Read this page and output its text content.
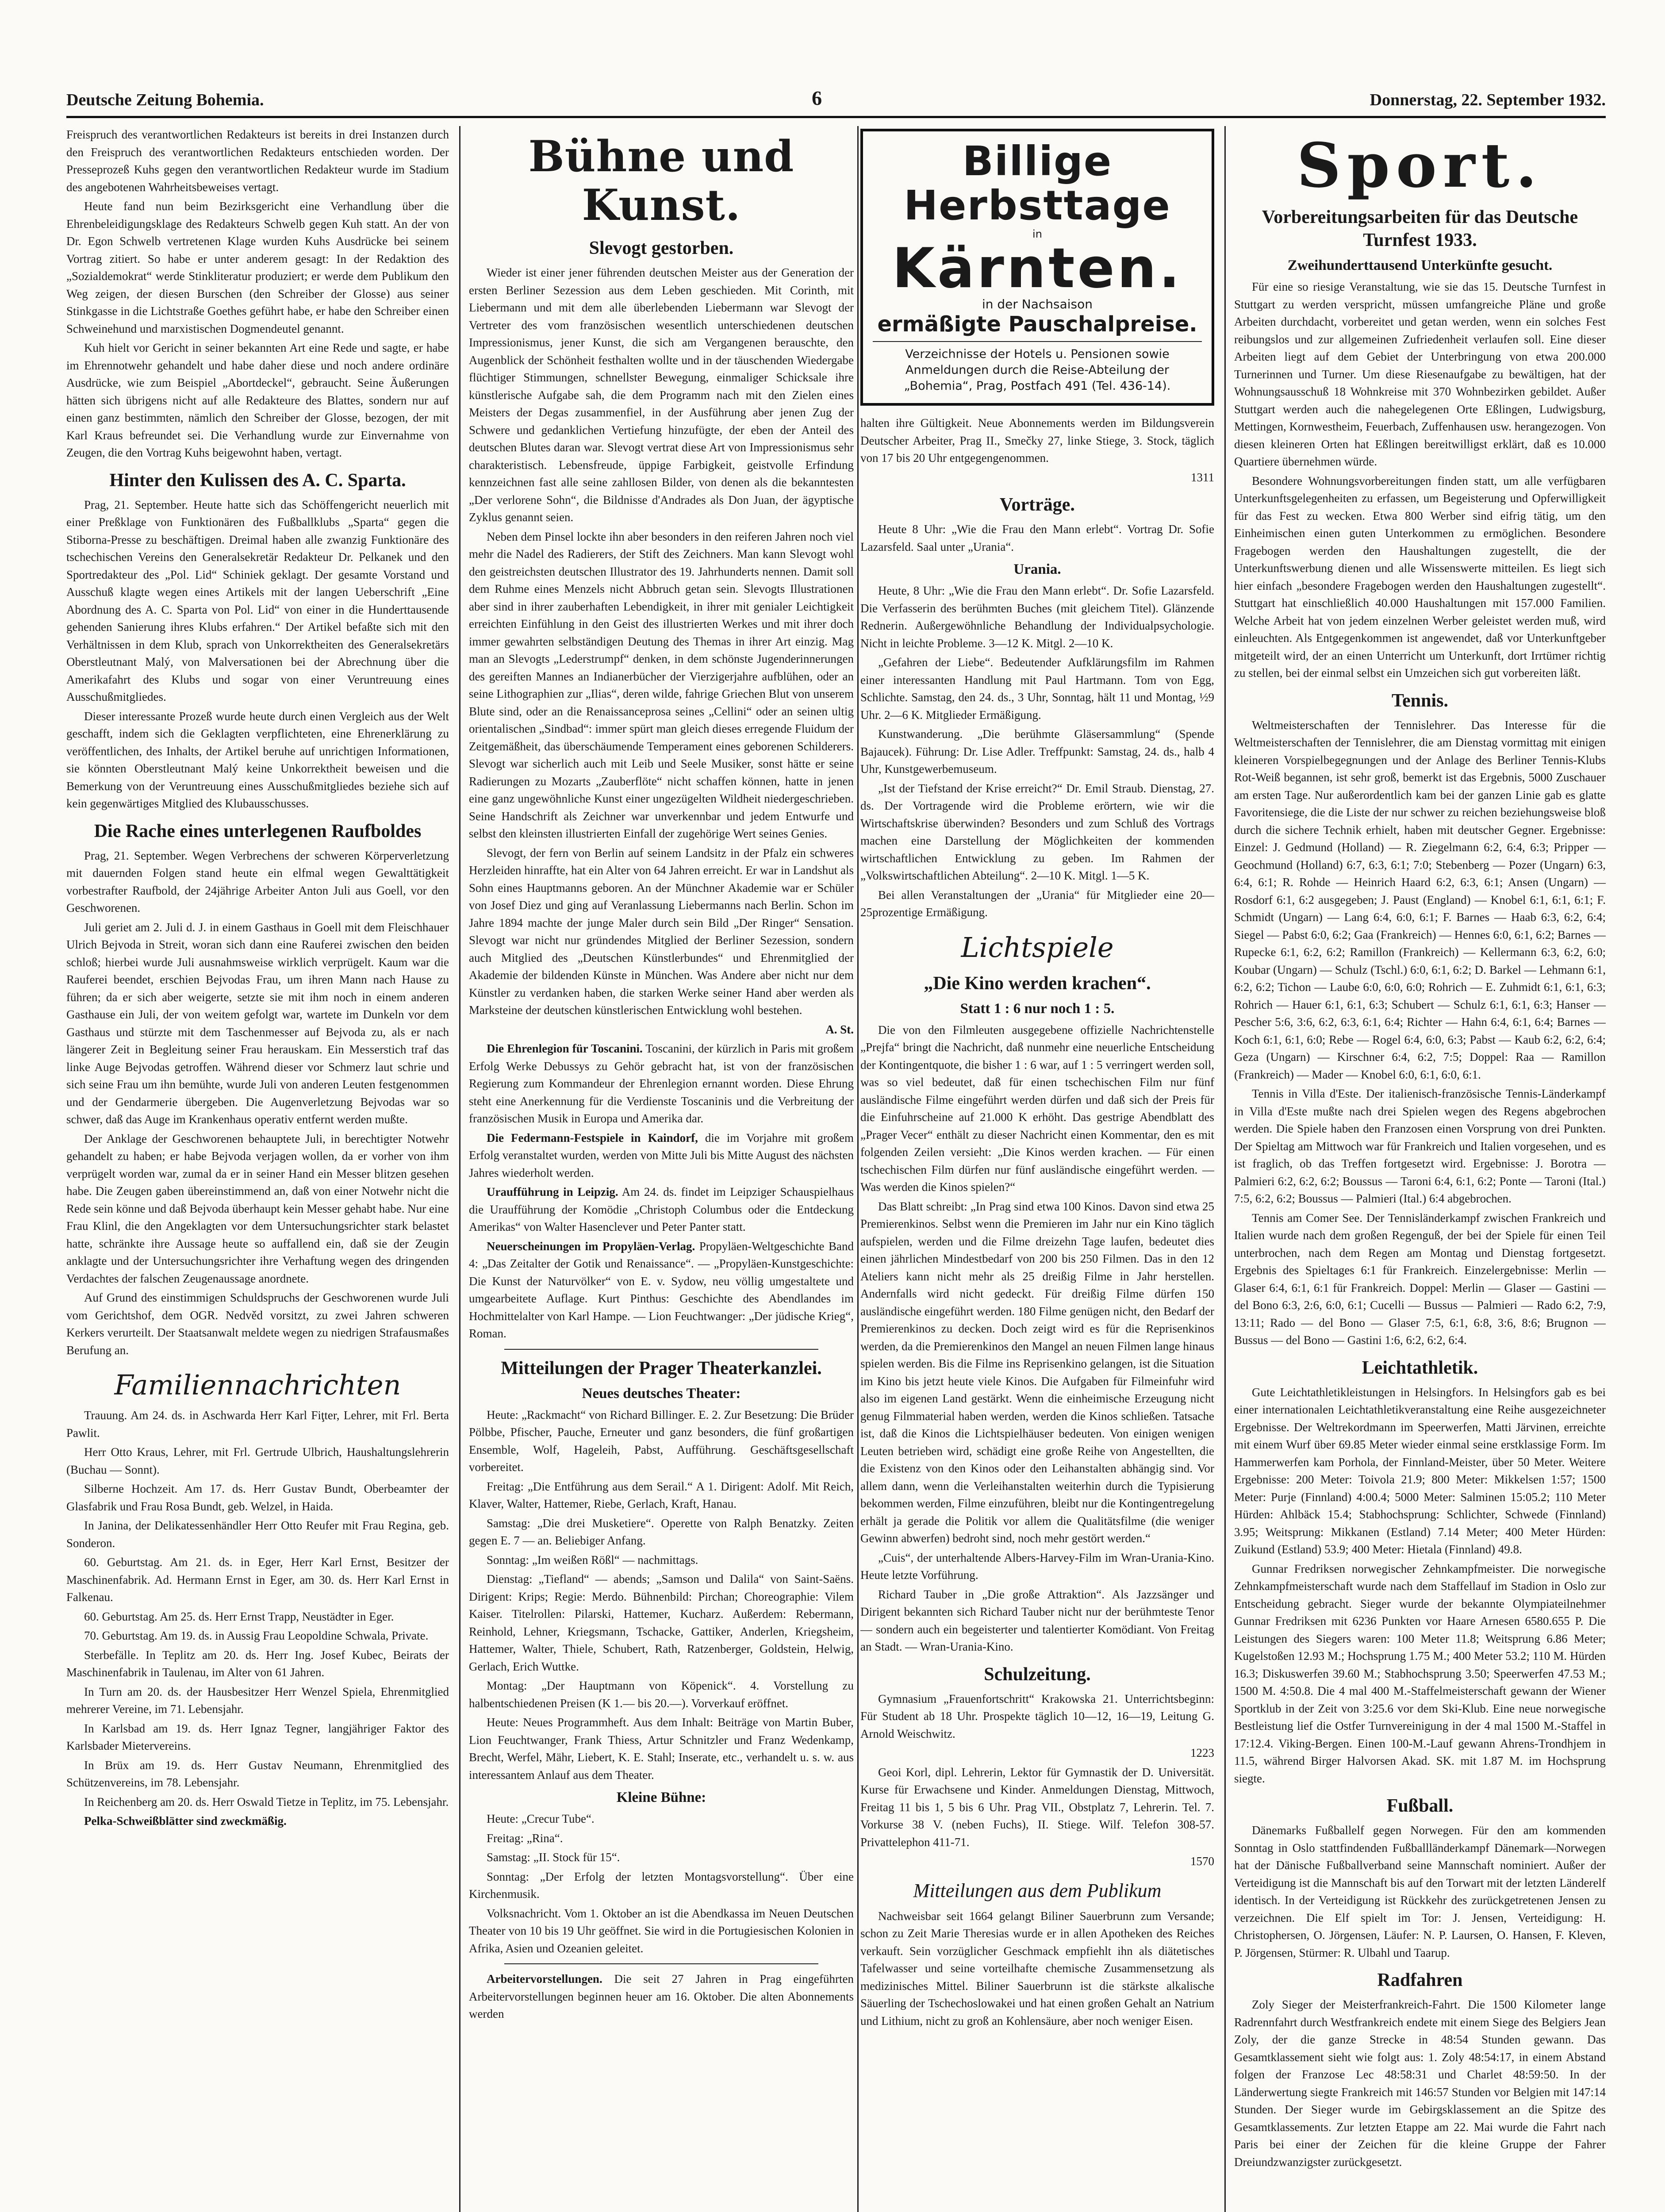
Deutsche Zeitung Bohemia.	6	Donnerstag, 22. September 1932.

Freispruch des verantwortlichen Redakteurs ist bereits in drei Instanzen durch den Freispruch des verantwortlichen Redakteurs entschieden worden. Der Presseprozeß Kuhs gegen den verantwortlichen Redakteur wurde im Stadium des angebotenen Wahrheitsbeweises vertagt.

Heute fand nun beim Bezirksgericht eine Verhandlung über die Ehrenbeleidigungsklage des Redakteurs Schwelb gegen Kuh statt. An der von Dr. Egon Schwelb vertretenen Klage wurden Kuhs Ausdrücke bei seinem Vortrag zitiert. So habe er unter anderem gesagt: In der Redaktion des „Sozialdemokrat“ werde Stinkliteratur produziert; er werde dem Publikum den Weg zeigen, der diesen Burschen (den Schreiber der Glosse) aus seiner Stinkgasse in die Lichtstraße Goethes geführt habe, er habe den Schreiber einen Schweinehund und marxistischen Dogmendeutel genannt.

Kuh hielt vor Gericht in seiner bekannten Art eine Rede und sagte, er habe im Ehrennotwehr gehandelt und habe daher diese und noch andere ordinäre Ausdrücke, wie zum Beispiel „Abortdeckel“, gebraucht. Seine Äußerungen hätten sich übrigens nicht auf alle Redakteure des Blattes, sondern nur auf einen ganz bestimmten, nämlich den Schreiber der Glosse, bezogen, der mit Karl Kraus befreundet sei. Die Verhandlung wurde zur Einvernahme von Zeugen, die den Vortrag Kuhs beigewohnt haben, vertagt.

Hinter den Kulissen des A. C. Sparta.

Prag, 21. September. Heute hatte sich das Schöffengericht neuerlich mit einer Preßklage von Funktionären des Fußballklubs „Sparta“ gegen die Stiborna-Presse zu beschäftigen. Dreimal haben alle zwanzig Funktionäre des tschechischen Vereins den Generalsekretär Redakteur Dr. Pelkanek und den Sportredakteur des „Pol. Lid“ Schiniek geklagt. Der gesamte Vorstand und Ausschuß klagte wegen eines Artikels mit der langen Ueberschrift „Eine Abordnung des A. C. Sparta von Pol. Lid“ von einer in die Hunderttausende gehenden Sanierung ihres Klubs erfahren.“ Der Artikel befaßte sich mit den Verhältnissen in dem Klub, sprach von Unkorrektheiten des Generalsekretärs Oberstleutnant Malý, von Malversationen bei der Abrechnung über die Amerikafahrt des Klubs und sogar von einer Veruntreuung eines Ausschußmitgliedes.

Dieser interessante Prozeß wurde heute durch einen Vergleich aus der Welt geschafft, indem sich die Geklagten verpflichteten, eine Ehrenerklärung zu veröffentlichen, des Inhalts, der Artikel beruhe auf unrichtigen Informationen, sie könnten Oberstleutnant Malý keine Unkorrektheit beweisen und die Bemerkung von der Veruntreuung eines Ausschußmitgliedes beziehe sich auf kein gegenwärtiges Mitglied des Klubausschusses.

Die Rache eines unterlegenen Raufboldes

Prag, 21. September. Wegen Verbrechens der schweren Körperverletzung mit dauernden Folgen stand heute ein elfmal wegen Gewalttätigkeit vorbestrafter Raufbold, der 24jährige Arbeiter Anton Juli aus Goell, vor den Geschworenen.

Juli geriet am 2. Juli d. J. in einem Gasthaus in Goell mit dem Fleischhauer Ulrich Bejvoda in Streit, woran sich dann eine Rauferei zwischen den beiden schloß; hierbei wurde Juli ausnahmsweise wirklich verprügelt. Kaum war die Rauferei beendet, erschien Bejvodas Frau, um ihren Mann nach Hause zu führen; da er sich aber weigerte, setzte sie mit ihm noch in einem anderen Gasthause ein Juli, der von weitem gefolgt war, wartete im Dunkeln vor dem Gasthaus und stürzte mit dem Taschenmesser auf Bejvoda zu, als er nach längerer Zeit in Begleitung seiner Frau herauskam. Ein Messerstich traf das linke Auge Bejvodas getroffen. Während dieser vor Schmerz laut schrie und sich seine Frau um ihn bemühte, wurde Juli von anderen Leuten festgenommen und der Gendarmerie übergeben. Die Augenverletzung Bejvodas war so schwer, daß das Auge im Krankenhaus operativ entfernt werden mußte.

Der Anklage der Geschworenen behauptete Juli, in berechtigter Notwehr gehandelt zu haben; er habe Bejvoda verjagen wollen, da er vorher von ihm verprügelt worden war, zumal da er in seiner Hand ein Messer blitzen gesehen habe. Die Zeugen gaben übereinstimmend an, daß von einer Notwehr nicht die Rede sein könne und daß Bejvoda überhaupt kein Messer gehabt habe. Nur eine Frau Klinl, die den Angeklagten vor dem Untersuchungsrichter stark belastet hatte, schränkte ihre Aussage heute so auffallend ein, daß sie der Zeugin anklagte und der Untersuchungsrichter ihre Verhaftung wegen des dringenden Verdachtes der falschen Zeugenaussage anordnete.

Auf Grund des einstimmigen Schuldspruchs der Geschworenen wurde Juli vom Gerichtshof, dem OGR. Nedvěd vorsitzt, zu zwei Jahren schweren Kerkers verurteilt. Der Staatsanwalt meldete wegen zu niedrigen Strafausmaßes Berufung an.

Familiennachrichten

Trauung. Am 24. ds. in Aschwarda Herr Karl Fiţter, Lehrer, mit Frl. Berta Pawlit.

Herr Otto Kraus, Lehrer, mit Frl. Gertrude Ulbrich, Haushaltungslehrerin (Buchau — Sonnt).

Silberne Hochzeit. Am 17. ds. Herr Gustav Bundt, Oberbeamter der Glasfabrik und Frau Rosa Bundt, geb. Welzel, in Haida.

In Janina, der Delikatessenhändler Herr Otto Reufer mit Frau Regina, geb. Sonderon.

60. Geburtstag. Am 21. ds. in Eger, Herr Karl Ernst, Besitzer der Maschinenfabrik. Ad. Hermann Ernst in Eger, am 30. ds. Herr Karl Ernst in Falkenau.

60. Geburtstag. Am 25. ds. Herr Ernst Trapp, Neustädter in Eger.

70. Geburtstag. Am 19. ds. in Aussig Frau Leopoldine Schwala, Private.

Sterbefälle. In Teplitz am 20. ds. Herr Ing. Josef Kubec, Beirats der Maschinenfabrik in Taulenau, im Alter von 61 Jahren.

In Turn am 20. ds. der Hausbesitzer Herr Wenzel Spiela, Ehrenmitglied mehrerer Vereine, im 71. Lebensjahr.

In Karlsbad am 19. ds. Herr Ignaz Tegner, langjähriger Faktor des Karlsbader Mietervereins.

In Brüx am 19. ds. Herr Gustav Neumann, Ehrenmitglied des Schützenvereins, im 78. Lebensjahr.

In Reichenberg am 20. ds. Herr Oswald Tietze in Teplitz, im 75. Lebensjahr.

Pelka-Schweißblätter sind zweckmäßig.

Bühne und Kunst.
Slevogt gestorben.

Wieder ist einer jener führenden deutschen Meister aus der Generation der ersten Berliner Sezession aus dem Leben geschieden. Mit Corinth, mit Liebermann und mit dem alle überlebenden Liebermann war Slevogt der Vertreter des vom französischen wesentlich unterschiedenen deutschen Impressionismus, jener Kunst, die sich am Vergangenen berauschte, den Augenblick der Schönheit festhalten wollte und in der täuschenden Wiedergabe flüchtiger Stimmungen, schnellster Bewegung, einmaliger Schicksale ihre künstlerische Aufgabe sah, die dem Programm nach mit den Zielen eines Meisters der Degas zusammenfiel, in der Ausführung aber jenen Zug der Schwere und gedanklichen Vertiefung hinzufügte, der eben der Anteil des deutschen Blutes daran war. Slevogt vertrat diese Art von Impressionismus sehr charakteristisch. Lebensfreude, üppige Farbigkeit, geistvolle Erfindung kennzeichnen fast alle seine zahllosen Bilder, von denen als die bekanntesten „Der verlorene Sohn“, die Bildnisse d'Andrades als Don Juan, der ägyptische Zyklus genannt seien.

Neben dem Pinsel lockte ihn aber besonders in den reiferen Jahren noch viel mehr die Nadel des Radierers, der Stift des Zeichners. Man kann Slevogt wohl den geistreichsten deutschen Illustrator des 19. Jahrhunderts nennen. Damit soll dem Ruhme eines Menzels nicht Abbruch getan sein. Slevogts Illustrationen aber sind in ihrer zauberhaften Lebendigkeit, in ihrer mit genialer Leichtigkeit erreichten Einfühlung in den Geist des illustrierten Werkes und mit ihrer doch immer gewahrten selbständigen Deutung des Themas in ihrer Art einzig. Mag man an Slevogts „Lederstrumpf“ denken, in dem schönste Jugenderinnerungen des gereiften Mannes an Indianerbücher der Vierzigerjahre aufblühen, oder an seine Lithographien zur „Ilias“, deren wilde, fahrige Griechen Blut von unserem Blute sind, oder an die Renaissanceprosa seines „Cellini“ oder an seinen ultig orientalischen „Sindbad“: immer spürt man gleich dieses erregende Fluidum der Zeitgemäßheit, das überschäumende Temperament eines geborenen Schilderers. Slevogt war sicherlich auch mit Leib und Seele Musiker, sonst hätte er seine Radierungen zu Mozarts „Zauberflöte“ nicht schaffen können, hatte in jenen eine ganz ungewöhnliche Kunst einer ungezügelten Wildheit niedergeschrieben. Seine Handschrift als Zeichner war unverkennbar und jedem Entwurfe und selbst den kleinsten illustrierten Einfall der zugehörige Wert seines Genies.

Slevogt, der fern von Berlin auf seinem Landsitz in der Pfalz ein schweres Herzleiden hinraffte, hat ein Alter von 64 Jahren erreicht. Er war in Landshut als Sohn eines Hauptmanns geboren. An der Münchner Akademie war er Schüler von Josef Diez und ging auf Veranlassung Liebermanns nach Berlin. Schon im Jahre 1894 machte der junge Maler durch sein Bild „Der Ringer“ Sensation. Slevogt war nicht nur gründendes Mitglied der Berliner Sezession, sondern auch Mitglied des „Deutschen Künstlerbundes“ und Ehrenmitglied der Akademie der bildenden Künste in München. Was Andere aber nicht nur dem Künstler zu verdanken haben, die starken Werke seiner Hand aber werden als Marksteine der deutschen künstlerischen Entwicklung wohl bestehen.

A. St.

Die Ehrenlegion für Toscanini. Toscanini, der kürzlich in Paris mit großem Erfolg Werke Debussys zu Gehör gebracht hat, ist von der französischen Regierung zum Kommandeur der Ehrenlegion ernannt worden. Diese Ehrung steht eine Anerkennung für die Verdienste Toscaninis und die Verbreitung der französischen Musik in Europa und Amerika dar.

Die Federmann-Festspiele in Kaindorf, die im Vorjahre mit großem Erfolg veranstaltet wurden, werden von Mitte Juli bis Mitte August des nächsten Jahres wiederholt werden.

Uraufführung in Leipzig. Am 24. ds. findet im Leipziger Schauspielhaus die Uraufführung der Komödie „Christoph Columbus oder die Entdeckung Amerikas“ von Walter Hasenclever und Peter Panter statt.

Neuerscheinungen im Propyläen-Verlag. Propyläen-Weltgeschichte Band 4: „Das Zeitalter der Gotik und Renaissance“. — „Propyläen-Kunstgeschichte: Die Kunst der Naturvölker“ von E. v. Sydow, neu völlig umgestaltete und umgearbeitete Auflage. Kurt Pinthus: Geschichte des Abendlandes im Hochmittelalter von Karl Hampe. — Lion Feuchtwanger: „Der jüdische Krieg“, Roman.

Mitteilungen der Prager Theaterkanzlei.
Neues deutsches Theater:

Heute: „Rackmacht“ von Richard Billinger. E. 2. Zur Besetzung: Die Brüder Pölbbe, Pfischer, Pauche, Erneuter und ganz besonders, die fünf großartigen Ensemble, Wolf, Hageleih, Pabst, Aufführung. Geschäftsgesellschaft vorbereitet.

Freitag: „Die Entführung aus dem Serail.“ A 1. Dirigent: Adolf. Mit Reich, Klaver, Walter, Hattemer, Riebe, Gerlach, Kraft, Hanau.

Samstag: „Die drei Musketiere“. Operette von Ralph Benatzky. Zeiten gegen E. 7 — an. Beliebiger Anfang.

Sonntag: „Im weißen Rößl“ — nachmittags.

Dienstag: „Tiefland“ — abends; „Samson und Dalila“ von Saint-Saëns. Dirigent: Krips; Regie: Merdo. Bühnenbild: Pirchan; Choreographie: Vilem Kaiser. Titelrollen: Pilarski, Hattemer, Kucharz. Außerdem: Rebermann, Reinhold, Lehner, Kriegsmann, Tschacke, Gattiker, Anderlen, Kriegsheim, Hattemer, Walter, Thiele, Schubert, Rath, Ratzenberger, Goldstein, Helwig, Gerlach, Erich Wuttke.

Montag: „Der Hauptmann von Köpenick“. 4. Vorstellung zu halbentschiedenen Preisen (K 1.— bis 20.—). Vorverkauf eröffnet.

Heute: Neues Programmheft. Aus dem Inhalt: Beiträge von Martin Buber, Lion Feuchtwanger, Frank Thiess, Artur Schnitzler und Franz Wedenkamp, Brecht, Werfel, Mähr, Liebert, K. E. Stahl; Inserate, etc., verhandelt u. s. w. aus interessantem Anlauf aus dem Theater.

Kleine Bühne:

Heute: „Crecur Tube“.

Freitag: „Rina“.

Samstag: „II. Stock für 15“.

Sonntag: „Der Erfolg der letzten Montagsvorstellung“. Über eine Kirchenmusik.

Volksnachricht. Vom 1. Oktober an ist die Abendkassa im Neuen Deutschen Theater von 10 bis 19 Uhr geöffnet. Sie wird in die Portugiesischen Kolonien in Afrika, Asien und Ozeanien geleitet.

Arbeitervorstellungen. Die seit 27 Jahren in Prag eingeführten Arbeitervorstellungen beginnen heuer am 16. Oktober. Die alten Abonnements werden

Billige Herbsttage
in
Kärnten.
in der Nachsaison
ermäßigte Pauschalpreise.
Verzeichnisse der Hotels u. Pensionen sowie Anmeldungen durch die Reise-Abteilung der „Bohemia“, Prag, Postfach 491 (Tel. 436-14).

halten ihre Gültigkeit. Neue Abonnements werden im Bildungsverein Deutscher Arbeiter, Prag II., Smečky 27, linke Stiege, 3. Stock, täglich von 17 bis 20 Uhr entgegengenommen.

1311

Vorträge.

Heute 8 Uhr: „Wie die Frau den Mann erlebt“. Vortrag Dr. Sofie Lazarsfeld. Saal unter „Urania“.

Urania.

Heute, 8 Uhr: „Wie die Frau den Mann erlebt“. Dr. Sofie Lazarsfeld. Die Verfasserin des berühmten Buches (mit gleichem Titel). Glänzende Rednerin. Außergewöhnliche Behandlung der Individualpsychologie. Nicht in leichte Probleme. 3—12 K. Mitgl. 2—10 K.

„Gefahren der Liebe“. Bedeutender Aufklärungsfilm im Rahmen einer interessanten Handlung mit Paul Hartmann. Tom von Egg, Schlichte. Samstag, den 24. ds., 3 Uhr, Sonntag, hält 11 und Montag, ½9 Uhr. 2—6 K. Mitglieder Ermäßigung.

Kunstwanderung. „Die berühmte Gläsersammlung“ (Spende Bajaucek). Führung: Dr. Lise Adler. Treffpunkt: Samstag, 24. ds., halb 4 Uhr, Kunstgewerbemuseum.

„Ist der Tiefstand der Krise erreicht?“ Dr. Emil Straub. Dienstag, 27. ds. Der Vortragende wird die Probleme erörtern, wie wir die Wirtschaftskrise überwinden? Besonders und zum Schluß des Vortrags machen eine Darstellung der Möglichkeiten der kommenden wirtschaftlichen Entwicklung zu geben. Im Rahmen der „Volkswirtschaftlichen Abteilung“. 2—10 K. Mitgl. 1—5 K.

Bei allen Veranstaltungen der „Urania“ für Mitglieder eine 20—25prozentige Ermäßigung.

Lichtspiele
„Die Kino werden krachen“.
Statt 1 : 6 nur noch 1 : 5.

Die von den Filmleuten ausgegebene offizielle Nachrichtenstelle „Prejfa“ bringt die Nachricht, daß nunmehr eine neuerliche Entscheidung der Kontingentquote, die bisher 1 : 6 war, auf 1 : 5 verringert werden soll, was so viel bedeutet, daß für einen tschechischen Film nur fünf ausländische Filme eingeführt werden dürfen und daß sich der Preis für die Einfuhrscheine auf 21.000 K erhöht. Das gestrige Abendblatt des „Prager Vecer“ enthält zu dieser Nachricht einen Kommentar, den es mit folgenden Zeilen versieht: „Die Kinos werden krachen. — Für einen tschechischen Film dürfen nur fünf ausländische eingeführt werden. — Was werden die Kinos spielen?“

Das Blatt schreibt: „In Prag sind etwa 100 Kinos. Davon sind etwa 25 Premierenkinos. Selbst wenn die Premieren im Jahr nur ein Kino täglich aufspielen, werden und die Filme dreizehn Tage laufen, bedeutet dies einen jährlichen Mindestbedarf von 200 bis 250 Filmen. Das in den 12 Ateliers kann nicht mehr als 25 dreißig Filme in Jahr herstellen. Andernfalls wird nicht gedeckt. Für dreißig Filme dürfen 150 ausländische eingeführt werden. 180 Filme genügen nicht, den Bedarf der Premierenkinos zu decken. Doch zeigt wird es für die Reprisenkinos werden, da die Premierenkinos den Mangel an neuen Filmen lange hinaus spielen werden. Bis die Filme ins Reprisenkino gelangen, ist die Situation im Kino bis jetzt heute viele Kinos. Die Aufgaben für Filmeinfuhr wird also im eigenen Land gestärkt. Wenn die einheimische Erzeugung nicht genug Filmmaterial haben werden, werden die Kinos schließen. Tatsache ist, daß die Kinos die Lichtspielhäuser bedeuten. Von einigen wenigen Leuten betrieben wird, schädigt eine große Reihe von Angestellten, die die Existenz von den Kinos oder den Leihanstalten abhängig sind. Vor allem dann, wenn die Verleihanstalten weiterhin durch die Typisierung bekommen werden, Filme einzuführen, bleibt nur die Kontingentregelung erhält ja gerade die Politik vor allem die Qualitätsfilme (die weniger Gewinn abwerfen) bedroht sind, noch mehr gestört werden.“

„Cuis“, der unterhaltende Albers-Harvey-Film im Wran-Urania-Kino. Heute letzte Vorführung.

Richard Tauber in „Die große Attraktion“. Als Jazzsänger und Dirigent bekannten sich Richard Tauber nicht nur der berühmteste Tenor — sondern auch ein begeisterter und talentierter Komödiant. Von Freitag an Stadt. — Wran-Urania-Kino.

Schulzeitung.

Gymnasium „Frauenfortschritt“ Krakowska 21. Unterrichtsbeginn: Für Student ab 18 Uhr. Prospekte täglich 10—12, 16—19, Leitung G. Arnold Weischwitz.

1223

Geoi Korl, dipl. Lehrerin, Lektor für Gymnastik der D. Universität. Kurse für Erwachsene und Kinder. Anmeldungen Dienstag, Mittwoch, Freitag 11 bis 1, 5 bis 6 Uhr. Prag VII., Obstplatz 7, Lehrerin. Tel. 7. Vorkurse 38 V. (neben Fuchs), II. Stiege. Wilf. Telefon 308-57. Privattelephon 411-71.

1570

Mitteilungen aus dem Publikum

Nachweisbar seit 1664 gelangt Biliner Sauerbrunn zum Versande; schon zu Zeit Marie Theresias wurde er in allen Apotheken des Reiches verkauft. Sein vorzüglicher Geschmack empfiehlt ihn als diätetisches Tafelwasser und seine vorteilhafte chemische Zusammensetzung als medizinisches Mittel. Biliner Sauerbrunn ist die stärkste alkalische Säuerling der Tschechoslowakei und hat einen großen Gehalt an Natrium und Lithium, nicht zu groß an Kohlensäure, aber noch weniger Eisen.

Sport.
Vorbereitungsarbeiten für das Deutsche Turnfest 1933.
Zweihunderttausend Unterkünfte gesucht.

Für eine so riesige Veranstaltung, wie sie das 15. Deutsche Turnfest in Stuttgart zu werden verspricht, müssen umfangreiche Pläne und große Arbeiten durchdacht, vorbereitet und getan werden, wenn ein solches Fest reibungslos und zur allgemeinen Zufriedenheit verlaufen soll. Eine dieser Arbeiten liegt auf dem Gebiet der Unterbringung von etwa 200.000 Turnerinnen und Turner. Um diese Riesenaufgabe zu bewältigen, hat der Wohnungsausschuß 18 Wohnkreise mit 370 Wohnbezirken gebildet. Außer Stuttgart werden auch die nahegelegenen Orte Eßlingen, Ludwigsburg, Mettingen, Kornwestheim, Feuerbach, Zuffenhausen usw. herangezogen. Von diesen kleineren Orten hat Eßlingen bereitwilligst erklärt, daß es 10.000 Quartiere übernehmen würde.

Besondere Wohnungsvorbereitungen finden statt, um alle verfügbaren Unterkunftsgelegenheiten zu erfassen, um Begeisterung und Opferwilligkeit für das Fest zu wecken. Etwa 800 Werber sind eifrig tätig, um den Einheimischen einen guten Unterkommen zu ermöglichen. Besondere Fragebogen werden den Haushaltungen zugestellt, die der Unterkunftswerbung dienen und alle Wissenswerte mitteilen. Es liegt sich hier einfach „besondere Fragebogen werden den Haushaltungen zugestellt“. Stuttgart hat einschließlich 40.000 Haushaltungen mit 157.000 Familien. Welche Arbeit hat von jedem einzelnen Werber geleistet werden muß, wird einleuchten. Als Entgegenkommen ist angewendet, daß vor Unterkunftgeber mitgeteilt wird, der an einen Unterricht um Unterkunft, dort Irrtümer richtig zu stellen, bei der einmal selbst ein Umzeichen sich gut vorbereiten läßt.

Tennis.

Weltmeisterschaften der Tennislehrer. Das Interesse für die Weltmeisterschaften der Tennislehrer, die am Dienstag vormittag mit einigen kleineren Vorspielbegegnungen und der Anlage des Berliner Tennis-Klubs Rot-Weiß begannen, ist sehr groß, bemerkt ist das Ergebnis, 5000 Zuschauer am ersten Tage. Nur außerordentlich kam bei der ganzen Linie gab es glatte Favoritensiege, die die Liste der nur schwer zu reichen beziehungsweise bloß durch die sichere Technik erhielt, haben mit deutscher Gegner. Ergebnisse: Einzel: J. Gedmund (Holland) — R. Ziegelmann 6:2, 6:4, 6:3; Pripper — Geochmund (Holland) 6:7, 6:3, 6:1; 7:0; Stebenberg — Pozer (Ungarn) 6:3, 6:4, 6:1; R. Rohde — Heinrich Haard 6:2, 6:3, 6:1; Ansen (Ungarn) — Rosdorf 6:1, 6:2 ausgegeben; J. Paust (England) — Knobel 6:1, 6:1, 6:1; F. Schmidt (Ungarn) — Lang 6:4, 6:0, 6:1; F. Barnes — Haab 6:3, 6:2, 6:4; Siegel — Pabst 6:0, 6:2; Gaa (Frankreich) — Hennes 6:0, 6:1, 6:2; Barnes — Rupecke 6:1, 6:2, 6:2; Ramillon (Frankreich) — Kellermann 6:3, 6:2, 6:0; Koubar (Ungarn) — Schulz (Tschl.) 6:0, 6:1, 6:2; D. Barkel — Lehmann 6:1, 6:2, 6:2; Tichon — Laube 6:0, 6:0, 6:0; Rohrich — E. Zuhmidt 6:1, 6:1, 6:3; Rohrich — Hauer 6:1, 6:1, 6:3; Schubert — Schulz 6:1, 6:1, 6:3; Hanser — Pescher 5:6, 3:6, 6:2, 6:3, 6:1, 6:4; Richter — Hahn 6:4, 6:1, 6:4; Barnes — Koch 6:1, 6:1, 6:0; Rebe — Rogel 6:4, 6:0, 6:3; Pabst — Kaub 6:2, 6:2, 6:4; Geza (Ungarn) — Kirschner 6:4, 6:2, 7:5; Doppel: Raa — Ramillon (Frankreich) — Mader — Knobel 6:0, 6:1, 6:0, 6:1.

Tennis in Villa d'Este. Der italienisch-französische Tennis-Länderkampf in Villa d'Este mußte nach drei Spielen wegen des Regens abgebrochen werden. Die Spiele haben den Franzosen einen Vorsprung von drei Punkten. Der Spieltag am Mittwoch war für Frankreich und Italien vorgesehen, und es ist fraglich, ob das Treffen fortgesetzt wird. Ergebnisse: J. Borotra — Palmieri 6:2, 6:2, 6:2; Boussus — Taroni 6:4, 6:1, 6:2; Ponte — Taroni (Ital.) 7:5, 6:2, 6:2; Boussus — Palmieri (Ital.) 6:4 abgebrochen.

Tennis am Comer See. Der Tennisländerkampf zwischen Frankreich und Italien wurde nach dem großen Regenguß, der bei der Spiele für einen Teil unterbrochen, nach dem Regen am Montag und Dienstag fortgesetzt. Ergebnis des Spieltages 6:1 für Frankreich. Einzelergebnisse: Merlin — Glaser 6:4, 6:1, 6:1 für Frankreich. Doppel: Merlin — Glaser — Gastini — del Bono 6:3, 2:6, 6:0, 6:1; Cucelli — Bussus — Palmieri — Rado 6:2, 7:9, 13:11; Rado — del Bono — Glaser 7:5, 6:1, 6:8, 3:6, 8:6; Brugnon — Bussus — del Bono — Gastini 1:6, 6:2, 6:2, 6:4.

Leichtathletik.

Gute Leichtathletikleistungen in Helsingfors. In Helsingfors gab es bei einer internationalen Leichtathletikveranstaltung eine Reihe ausgezeichneter Ergebnisse. Der Weltrekordmann im Speerwerfen, Matti Järvinen, erreichte mit einem Wurf über 69.85 Meter wieder einmal seine erstklassige Form. Im Hammerwerfen kam Porhola, der Finnland-Meister, über 50 Meter. Weitere Ergebnisse: 200 Meter: Toivola 21.9; 800 Meter: Mikkelsen 1:57; 1500 Meter: Purje (Finnland) 4:00.4; 5000 Meter: Salminen 15:05.2; 110 Meter Hürden: Ahlbäck 15.4; Stabhochsprung: Schlichter, Schwede (Finnland) 3.95; Weitsprung: Mikkanen (Estland) 7.14 Meter; 400 Meter Hürden: Zuikund (Estland) 53.9; 400 Meter: Hietala (Finnland) 49.8.

Gunnar Fredriksen norwegischer Zehnkampfmeister. Die norwegische Zehnkampfmeisterschaft wurde nach dem Staffellauf im Stadion in Oslo zur Entscheidung gebracht. Sieger wurde der bekannte Olympiateilnehmer Gunnar Fredriksen mit 6236 Punkten vor Haare Arnesen 6580.655 P. Die Leistungen des Siegers waren: 100 Meter 11.8; Weitsprung 6.86 Meter; Kugelstoßen 12.93 M.; Hochsprung 1.75 M.; 400 Meter 53.2; 110 M. Hürden 16.3; Diskuswerfen 39.60 M.; Stabhochsprung 3.50; Speerwerfen 47.53 M.; 1500 M. 4:50.8. Die 4 mal 400 M.-Staffelmeisterschaft gewann der Wiener Sportklub in der Zeit von 3:25.6 vor dem Ski-Klub. Eine neue norwegische Bestleistung lief die Ostfer Turnvereinigung in der 4 mal 1500 M.-Staffel in 17:12.4. Viking-Bergen. Einen 100-M.-Lauf gewann Ahrens-Trondhjem in 11.5, während Birger Halvorsen Akad. SK. mit 1.87 M. im Hochsprung siegte.

Fußball.

Dänemarks Fußballelf gegen Norwegen. Für den am kommenden Sonntag in Oslo stattfindenden Fußballländerkampf Dänemark—Norwegen hat der Dänische Fußballverband seine Mannschaft nominiert. Außer der Verteidigung ist die Mannschaft bis auf den Torwart mit der letzten Länderelf identisch. In der Verteidigung ist Rückkehr des zurückgetretenen Jensen zu verzeichnen. Die Elf spielt im Tor: J. Jensen, Verteidigung: H. Christophersen, O. Jörgensen, Läufer: N. P. Laursen, O. Hansen, F. Kleven, P. Jörgensen, Stürmer: R. Ulbahl und Taarup.

Radfahren

Zoly Sieger der Meisterfrankreich-Fahrt. Die 1500 Kilometer lange Radrennfahrt durch Westfrankreich endete mit einem Siege des Belgiers Jean Zoly, der die ganze Strecke in 48:54 Stunden gewann. Das Gesamtklassement sieht wie folgt aus: 1. Zoly 48:54:17, in einem Abstand folgen der Franzose Lec 48:58:31 und Charlet 48:59:50. In der Länderwertung siegte Frankreich mit 146:57 Stunden vor Belgien mit 147:14 Stunden. Der Sieger wurde im Gebirgsklassement an die Spitze des Gesamtklassements. Zur letzten Etappe am 22. Mai wurde die Fahrt nach Paris bei einer der Zeichen für die kleine Gruppe der Fahrer Dreiundzwanzigster zurückgesetzt.
